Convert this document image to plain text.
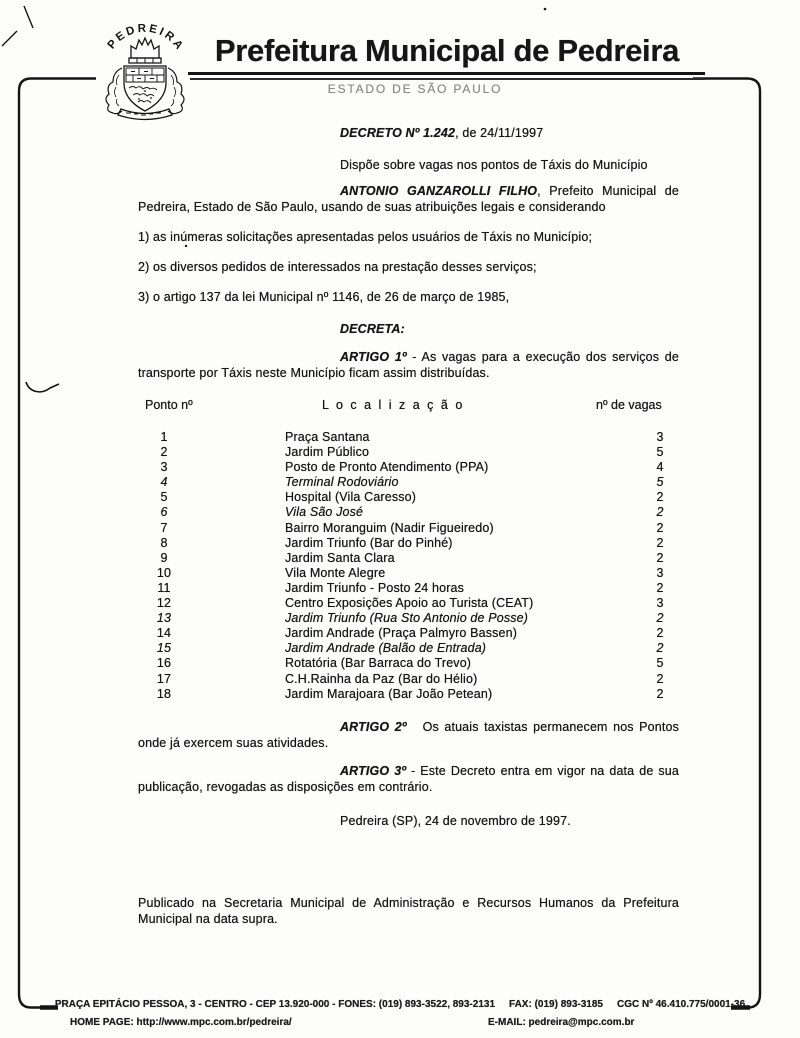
PEDREIRA Prefeitura Municipal de Pedreira
ESTADO DE SÃO PAULO
DECRETO Nº 1.242, de 24/11/1997
Dispõe sobre vagas nos pontos de Táxis do Município
ANTONIO GANZAROLLI FILHO, Prefeito Municipal de Pedreira, Estado de São Paulo, usando de suas atribuições legais e considerando
1) as inúmeras solicitações apresentadas pelos usuários de Táxis no Município;
2) os diversos pedidos de interessados na prestação desses serviços;
3) o artigo 137 da lei Municipal nº 1146, de 26 de março de 1985,
DECRETA:
ARTIGO 1º - As vagas para a execução dos serviços de transporte por Táxis neste Município ficam assim distribuídas.
Ponto nº	L o c a l i z a ç ã o	nº de vagas
1	Praça Santana	3
2	Jardim Público	5
3	Posto de Pronto Atendimento (PPA)	4
4	Terminal Rodoviário	5
5	Hospital (Vila Caresso)	2
6	Vila São José	2
7	Bairro Moranguim (Nadir Figueiredo)	2
8	Jardim Triunfo (Bar do Pinhé)	2
9	Jardim Santa Clara	2
10	Vila Monte Alegre	3
11	Jardim Triunfo - Posto 24 horas	2
12	Centro Exposições Apoio ao Turista (CEAT)	3
13	Jardim Triunfo (Rua Sto Antonio de Posse)	2
14	Jardim Andrade (Praça Palmyro Bassen)	2
15	Jardim Andrade (Balão de Entrada)	2
16	Rotatória (Bar Barraca do Trevo)	5
17	C.H.Rainha da Paz (Bar do Hélio)	2
18	Jardim Marajoara (Bar João Petean)	2
ARTIGO 2º Os atuais taxistas permanecem nos Pontos onde já exercem suas atividades.
ARTIGO 3º - Este Decreto entra em vigor na data de sua publicação, revogadas as disposições em contrário.
Pedreira (SP), 24 de novembro de 1997.
Publicado na Secretaria Municipal de Administração e Recursos Humanos da Prefeitura Municipal na data supra.
PRAÇA EPITÁCIO PESSOA, 3 - CENTRO - CEP 13.920-000 - FONES: (019) 893-3522, 893-2131 FAX: (019) 893-3185 CGC Nº 46.410.775/0001-36
HOME PAGE: http://www.mpc.com.br/pedreira/	E-MAIL: pedreira@mpc.com.br
